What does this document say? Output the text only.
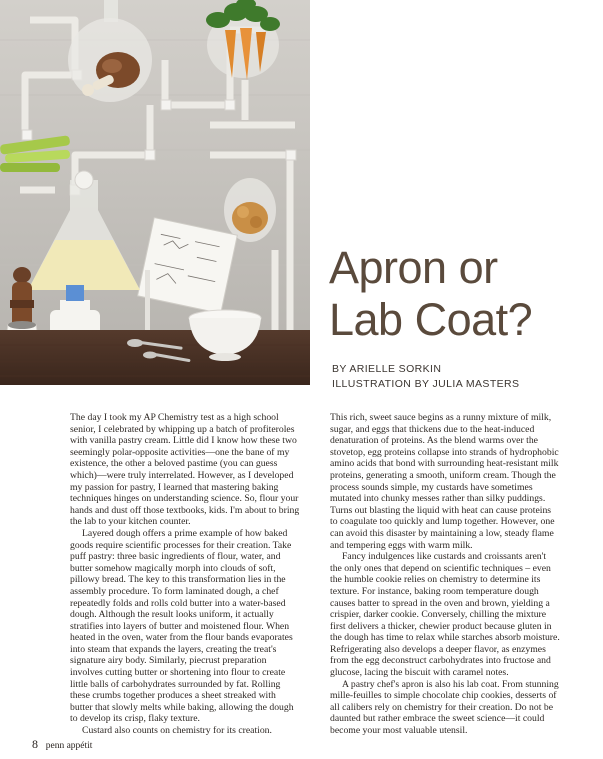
Apron or
Lab Coat?
BY ARIELLE SORKIN
ILLUSTRATION BY JULIA MASTERS

The day I took my AP Chemistry test as a high school senior, I celebrated by whipping up a batch of profiteroles with vanilla pastry cream. Little did I know how these two seemingly polar-opposite activities—one the bane of my existence, the other a beloved pastime (you can guess which)—were truly interrelated. However, as I developed my passion for pastry, I learned that mastering baking techniques hinges on understanding science. So, flour your hands and dust off those textbooks, kids. I'm about to bring the lab to your kitchen counter.

Layered dough offers a prime example of how baked goods require scientific processes for their creation. Take puff pastry: three basic ingredients of flour, water, and butter somehow magically morph into clouds of soft, pillowy bread. The key to this transformation lies in the assembly procedure. To form laminated dough, a chef repeatedly folds and rolls cold butter into a water-based dough. Although the result looks uniform, it actually stratifies into layers of butter and moistened flour. When heated in the oven, water from the flour bands evaporates into steam that expands the layers, creating the treat's signature airy body. Similarly, piecrust preparation involves cutting butter or shortening into flour to create little balls of carbohydrates surrounded by fat. Rolling these crumbs together produces a sheet streaked with butter that slowly melts while baking, allowing the dough to develop its crisp, flaky texture.

Custard also counts on chemistry for its creation.

This rich, sweet sauce begins as a runny mixture of milk, sugar, and eggs that thickens due to the heat-induced denaturation of proteins. As the blend warms over the stovetop, egg proteins collapse into strands of hydrophobic amino acids that bond with surrounding heat-resistant milk proteins, generating a smooth, uniform cream. Though the process sounds simple, my custards have sometimes mutated into chunky messes rather than silky puddings. Turns out blasting the liquid with heat can cause proteins to coagulate too quickly and lump together. However, one can avoid this disaster by maintaining a low, steady flame and tempering eggs with warm milk.

Fancy indulgences like custards and croissants aren't the only ones that depend on scientific techniques – even the humble cookie relies on chemistry to determine its texture. For instance, baking room temperature dough causes batter to spread in the oven and brown, yielding a crispier, darker cookie. Conversely, chilling the mixture first delivers a thicker, chewier product because gluten in the dough has time to relax while starches absorb moisture. Refrigerating also develops a deeper flavor, as enzymes from the egg deconstruct carbohydrates into fructose and glucose, lacing the biscuit with caramel notes.

A pastry chef's apron is also his lab coat. From stunning mille-feuilles to simple chocolate chip cookies, desserts of all calibers rely on chemistry for their creation. Do not be daunted but rather embrace the sweet science—it could become your most valuable utensil.

8 penn appétit
